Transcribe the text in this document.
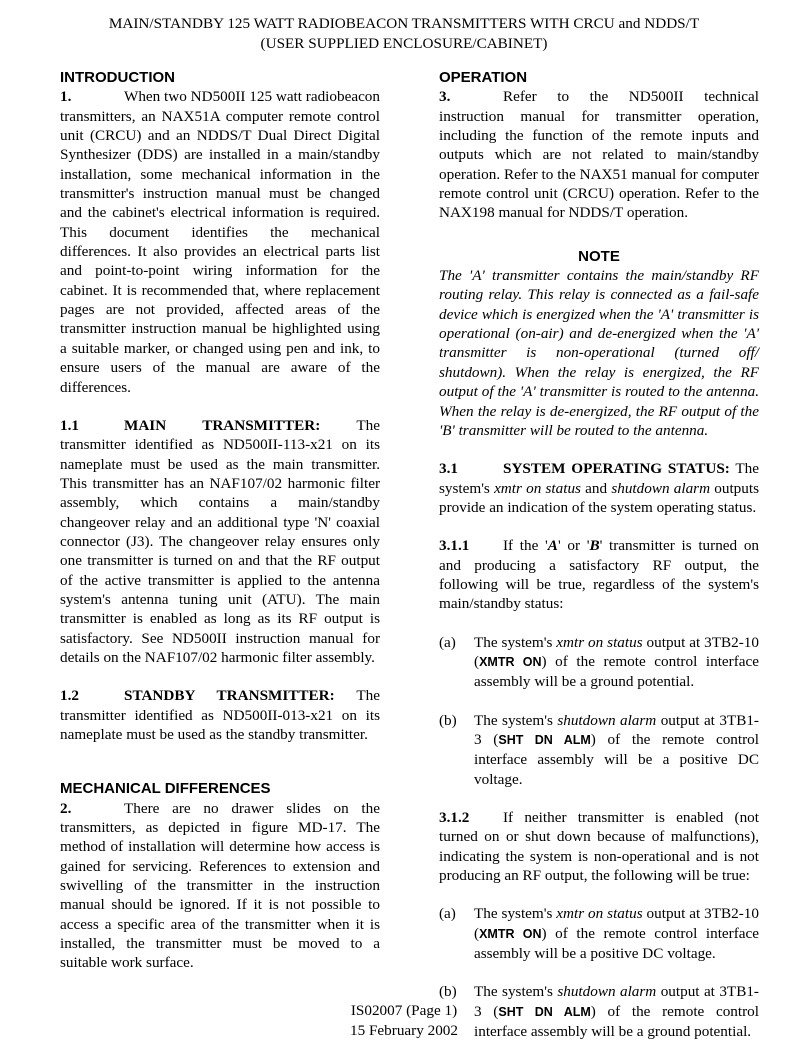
MAIN/STANDBY 125 WATT RADIOBEACON TRANSMITTERS WITH CRCU and NDDS/T
(USER SUPPLIED ENCLOSURE/CABINET)

INTRODUCTION

1.	When two ND500II 125 watt radiobeacon transmitters, an NAX51A computer remote control unit (CRCU) and an NDDS/T Dual Direct Digital Synthesizer (DDS) are installed in a main/standby installation, some mechanical information in the transmitter's instruction manual must be changed and the cabinet's electrical information is required. This document identifies the mechanical differences. It also provides an electrical parts list and point-to-point wiring information for the cabinet. It is recommended that, where replacement pages are not provided, affected areas of the transmitter instruction manual be highlighted using a suitable marker, or changed using pen and ink, to ensure users of the manual are aware of the differences.

1.1	MAIN TRANSMITTER: The transmitter identified as ND500II-113-x21 on its nameplate must be used as the main transmitter. This transmitter has an NAF107/02 harmonic filter assembly, which contains a main/standby changeover relay and an additional type 'N' coaxial connector (J3). The changeover relay ensures only one transmitter is turned on and that the RF output of the active transmitter is applied to the antenna system's antenna tuning unit (ATU). The main transmitter is enabled as long as its RF output is satisfactory. See ND500II instruction manual for details on the NAF107/02 harmonic filter assembly.

1.2	STANDBY TRANSMITTER: The transmitter identified as ND500II-013-x21 on its nameplate must be used as the standby transmitter.

MECHANICAL DIFFERENCES

2.	There are no drawer slides on the transmitters, as depicted in figure MD-17. The method of installation will determine how access is gained for servicing. References to extension and swivelling of the transmitter in the instruction manual should be ignored. If it is not possible to access a specific area of the transmitter when it is installed, the transmitter must be moved to a suitable work surface.

OPERATION

3.	Refer to the ND500II technical instruction manual for transmitter operation, including the function of the remote inputs and outputs which are not related to main/standby operation. Refer to the NAX51 manual for computer remote control unit (CRCU) operation. Refer to the NAX198 manual for NDDS/T operation.

NOTE

The 'A' transmitter contains the main/standby RF routing relay. This relay is connected as a fail-safe device which is energized when the 'A' transmitter is operational (on-air) and de-energized when the 'A' transmitter is non-operational (turned off/ shutdown). When the relay is energized, the RF output of the 'A' transmitter is routed to the antenna. When the relay is de-energized, the RF output of the 'B' transmitter will be routed to the antenna.

3.1	SYSTEM OPERATING STATUS: The system's xmtr on status and shutdown alarm outputs provide an indication of the system operating status.

3.1.1 If the 'A' or 'B' transmitter is turned on and producing a satisfactory RF output, the following will be true, regardless of the system's main/standby status:

(a)	The system's xmtr on status output at 3TB2-10 (XMTR ON) of the remote control interface assembly will be a ground potential.
(b)	The system's shutdown alarm output at 3TB1-3 (SHT DN ALM) of the remote control interface assembly will be a positive DC voltage.

3.1.2 If neither transmitter is enabled (not turned on or shut down because of malfunctions), indicating the system is non-operational and is not producing an RF output, the following will be true:

(a)	The system's xmtr on status output at 3TB2-10 (XMTR ON) of the remote control interface assembly will be a positive DC voltage.
(b)	The system's shutdown alarm output at 3TB1-3 (SHT DN ALM) of the remote control interface assembly will be a ground potential.
IS02007 (Page 1)
15 February 2002
